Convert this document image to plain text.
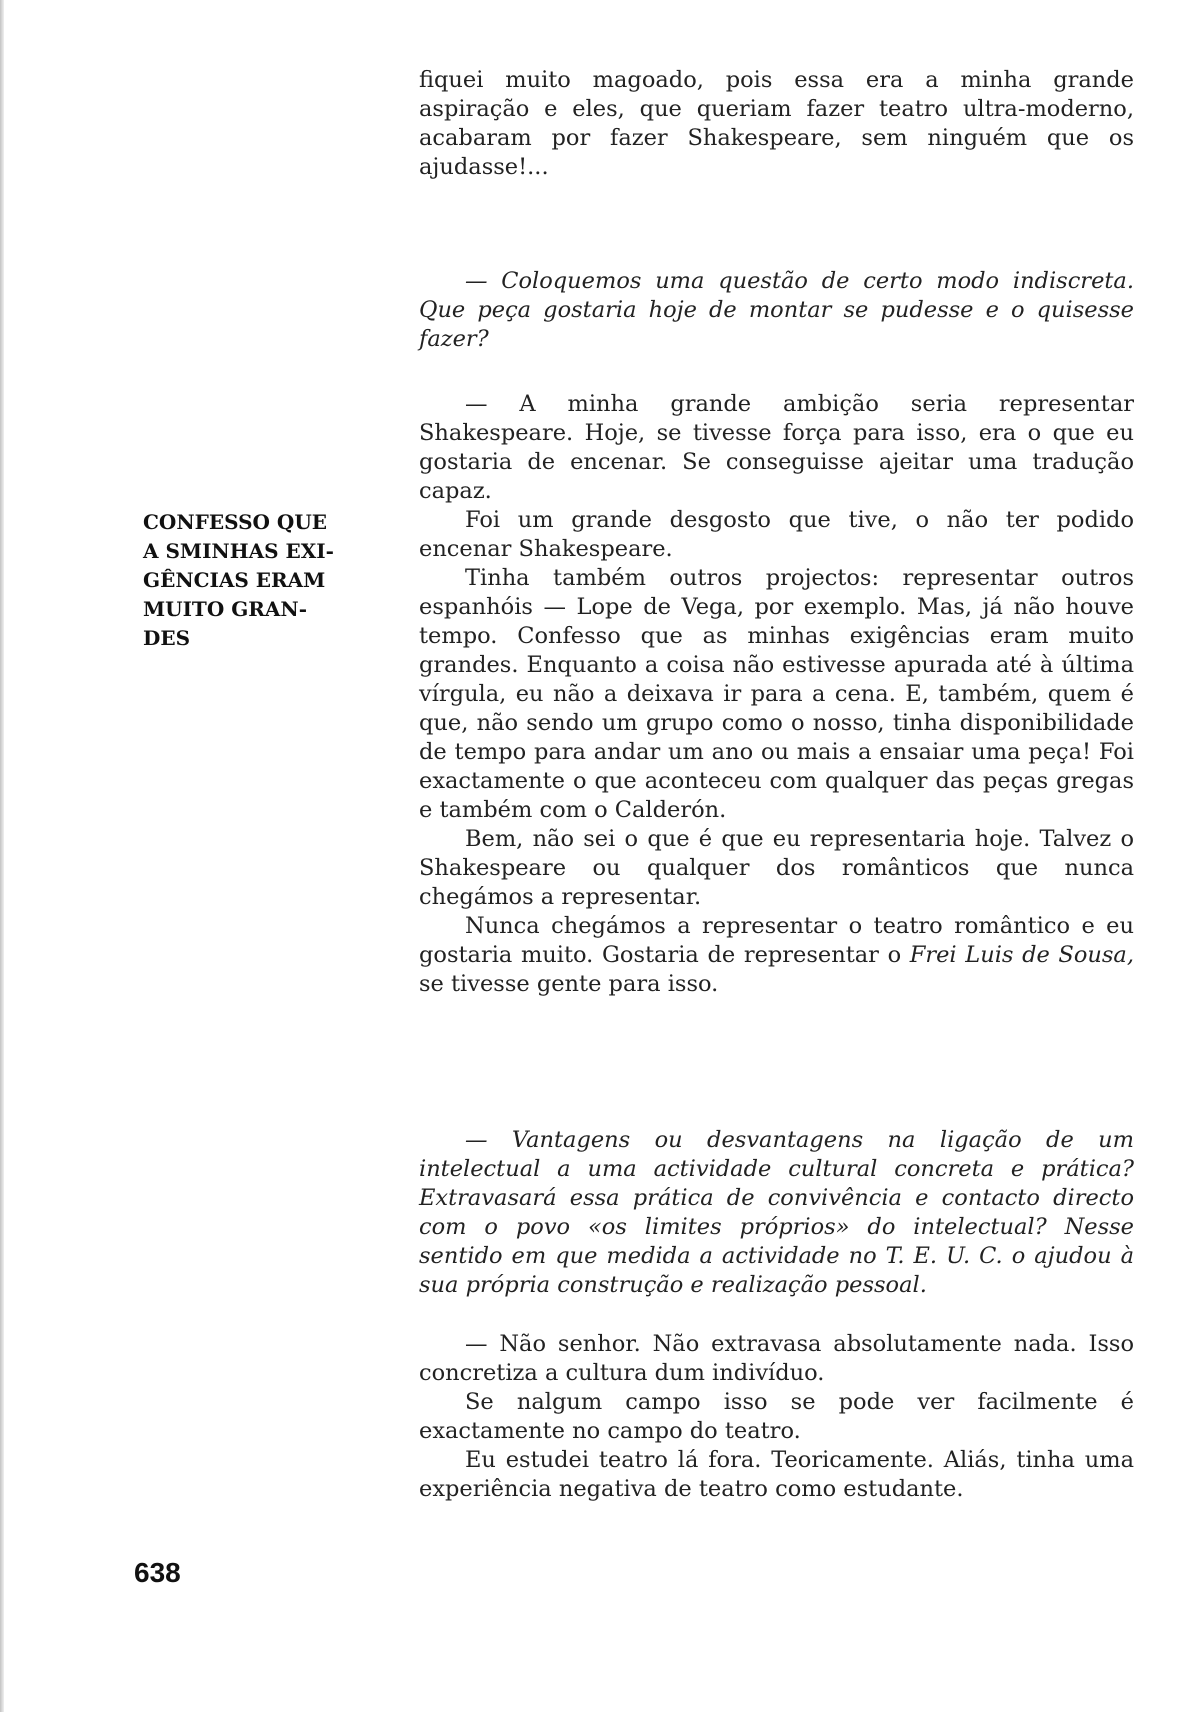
fiquei muito magoado, pois essa era a minha grande aspiração e eles, que queriam fazer teatro ultra-moderno, acabaram por fazer Shakespeare, sem ninguém que os ajudasse!...

— Coloquemos uma questão de certo modo indiscreta. Que peça gostaria hoje de montar se pudesse e o quisesse fazer?

— A minha grande ambição seria representar Shakespeare. Hoje, se tivesse força para isso, era o que eu gostaria de encenar. Se conseguisse ajeitar uma tradução capaz.

Foi um grande desgosto que tive, o não ter podido encenar Shakespeare.

Tinha também outros projectos: representar outros espanhóis — Lope de Vega, por exemplo. Mas, já não houve tempo. Confesso que as minhas exigências eram muito grandes. Enquanto a coisa não estivesse apurada até à última vírgula, eu não a deixava ir para a cena. E, também, quem é que, não sendo um grupo como o nosso, tinha disponibilidade de tempo para andar um ano ou mais a ensaiar uma peça! Foi exactamente o que aconteceu com qualquer das peças gregas e também com o Calderón.

Bem, não sei o que é que eu representaria hoje. Talvez o Shakespeare ou qualquer dos românticos que nunca chegámos a representar.

Nunca chegámos a representar o teatro romântico e eu gostaria muito. Gostaria de representar o Frei Luis de Sousa, se tivesse gente para isso.

— Vantagens ou desvantagens na ligação de um intelectual a uma actividade cultural concreta e prática? Extravasará essa prática de convivência e contacto directo com o povo «os limites próprios» do intelectual? Nesse sentido em que medida a actividade no T. E. U. C. o ajudou à sua própria construção e realização pessoal.

— Não senhor. Não extravasa absolutamente nada. Isso concretiza a cultura dum indivíduo.

Se nalgum campo isso se pode ver facilmente é exactamente no campo do teatro.

Eu estudei teatro lá fora. Teoricamente. Aliás, tinha uma experiência negativa de teatro como estudante.

CONFESSO QUE
A SMINHAS EXI-
GÊNCIAS ERAM
MUITO GRAN-
DES
638
